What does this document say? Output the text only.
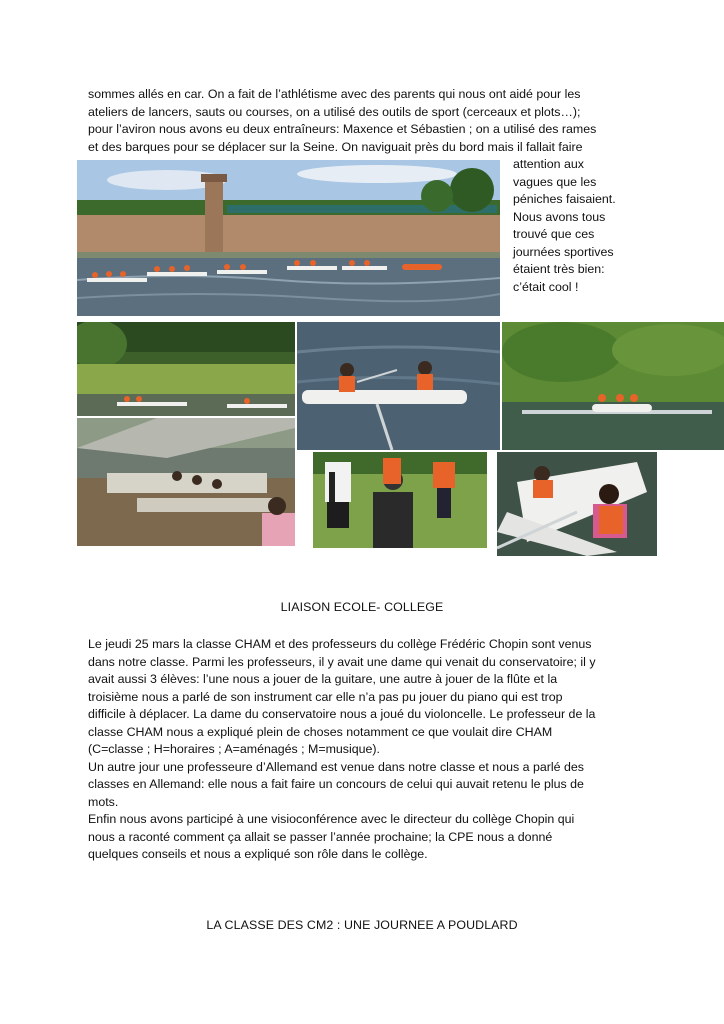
sommes allés en car. On a fait de l’athlétisme avec des parents qui nous ont aidé pour les
ateliers de lancers, sauts ou courses, on a utilisé des outils de sport (cerceaux et plots…);
pour l’aviron nous avons eu deux entraîneurs: Maxence et Sébastien ; on a utilisé des rames
et des barques pour se déplacer sur la Seine. On naviguait près du bord mais il fallait faire
attention aux
vagues que les
péniches faisaient.
Nous avons tous
trouvé que ces
journées sportives
étaient très bien:
c’était cool !
LIAISON ECOLE- COLLEGE
Le jeudi 25 mars la classe CHAM et des professeurs du collège Frédéric Chopin sont venus
dans notre classe. Parmi les professeurs, il y avait une dame qui venait du conservatoire; il y
avait aussi 3 élèves: l’une nous a jouer de la guitare, une autre à jouer de la flûte et la
troisième nous a parlé de son instrument car elle n’a pas pu jouer du piano qui est trop
difficile à déplacer. La dame du conservatoire nous a joué du violoncelle. Le professeur de la
classe CHAM nous a expliqué plein de choses notamment ce que voulait dire CHAM
(C=classe ; H=horaires ; A=aménagés ; M=musique).
Un autre jour une professeure d’Allemand est venue dans notre classe et nous a parlé des
classes en Allemand: elle nous a fait faire un concours de celui qui auvait retenu le plus de
mots.
Enfin nous avons participé à une visioconférence avec le directeur du collège Chopin qui
nous a raconté comment ça allait se passer l’année prochaine; la CPE nous a donné
quelques conseils et nous a expliqué son rôle dans le collège.
LA CLASSE DES CM2 : UNE JOURNEE A POUDLARD
